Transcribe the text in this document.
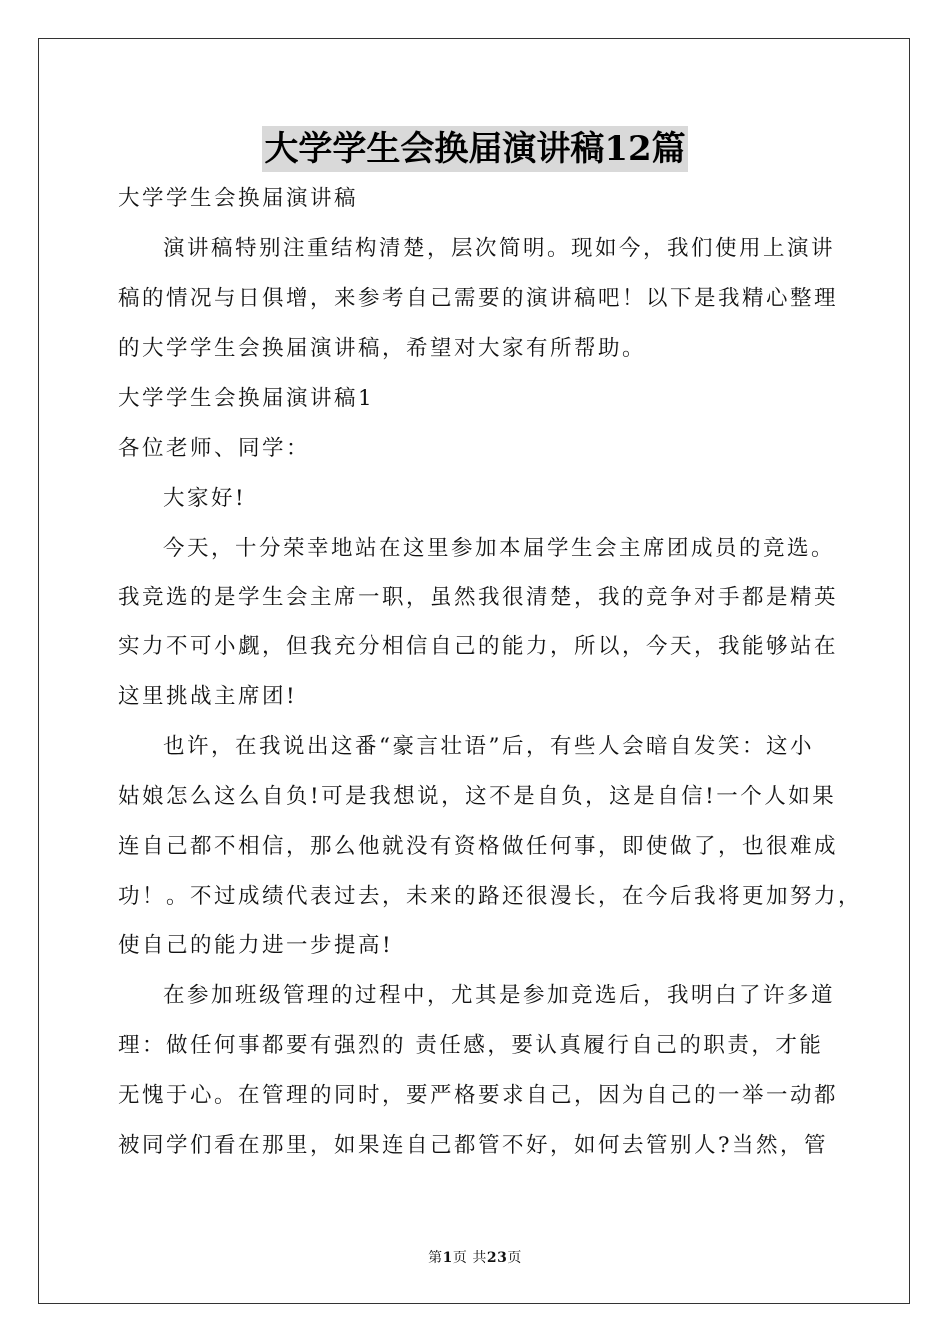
大学学生会换届演讲稿12篇
大学学生会换届演讲稿
演讲稿特别注重结构清楚，层次简明。现如今，我们使用上演讲
稿的情况与日俱增，来参考自己需要的演讲稿吧！以下是我精心整理
的大学学生会换届演讲稿，希望对大家有所帮助。
大学学生会换届演讲稿1
各位老师、同学：
大家好!
今天，十分荣幸地站在这里参加本届学生会主席团成员的竞选。
我竞选的是学生会主席一职，虽然我很清楚，我的竞争对手都是精英
实力不可小觑，但我充分相信自己的能力，所以，今天，我能够站在
这里挑战主席团!
也许，在我说出这番“豪言壮语”后，有些人会暗自发笑：这小
姑娘怎么这么自负!可是我想说，这不是自负，这是自信!一个人如果
连自己都不相信，那么他就没有资格做任何事，即使做了，也很难成
功！。不过成绩代表过去，未来的路还很漫长，在今后我将更加努力，
使自己的能力进一步提高!
在参加班级管理的过程中，尤其是参加竞选后，我明白了许多道
理：做任何事都要有强烈的 责任感，要认真履行自己的职责，才能
无愧于心。在管理的同时，要严格要求自己，因为自己的一举一动都
被同学们看在那里，如果连自己都管不好，如何去管别人?当然，管
第1页 共23页
